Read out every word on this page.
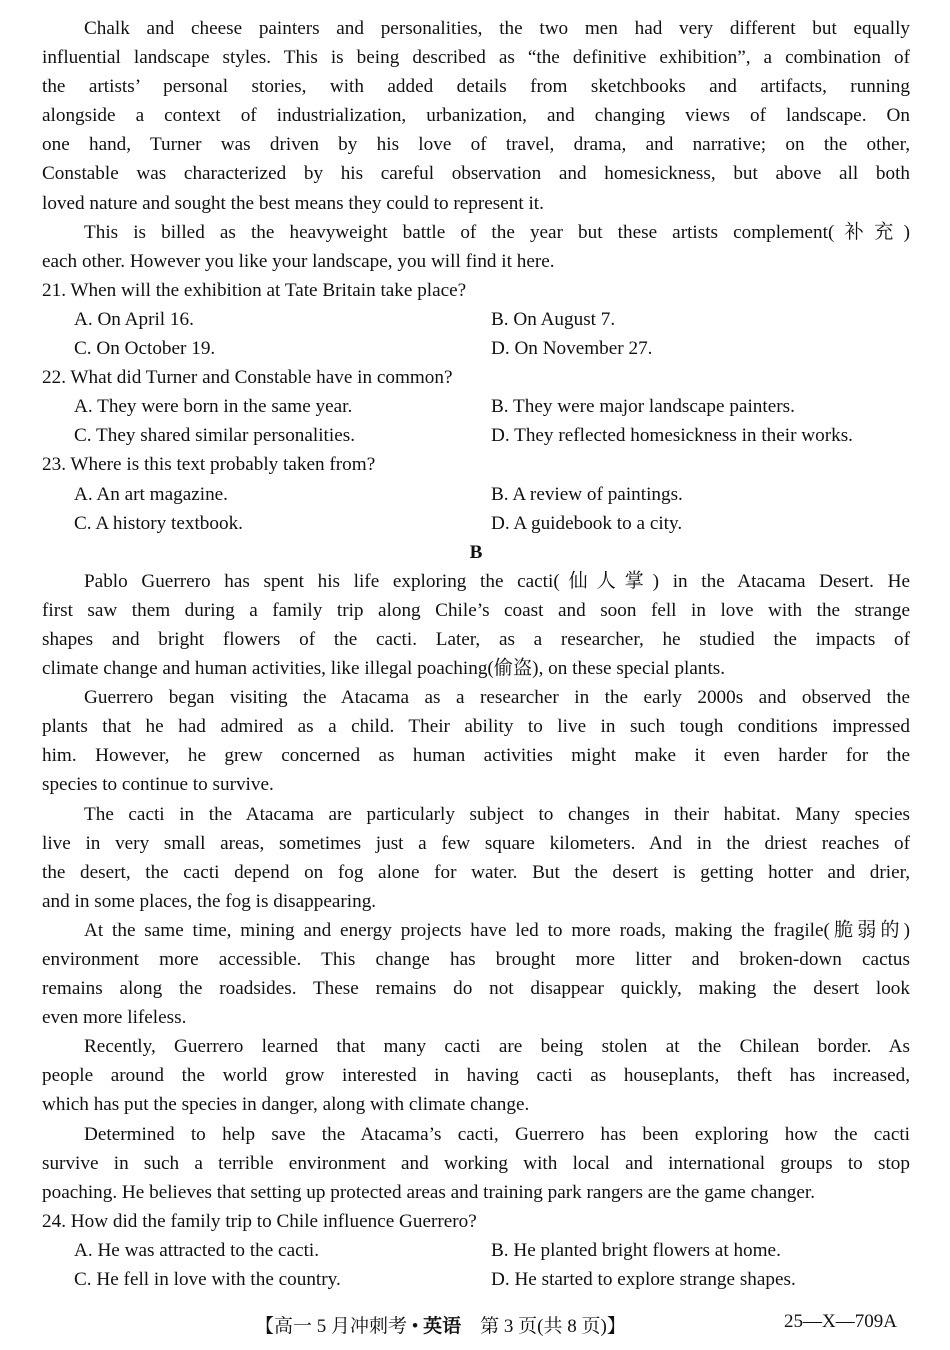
Chalk and cheese painters and personalities, the two men had very different but equally
influential landscape styles. This is being described as “the definitive exhibition”, a combination of
the artists’ personal stories, with added details from sketchbooks and artifacts, running
alongside a context of industrialization, urbanization, and changing views of landscape. On
one hand, Turner was driven by his love of travel, drama, and narrative; on the other,
Constable was characterized by his careful observation and homesickness, but above all both
loved nature and sought the best means they could to represent it.
This is billed as the heavyweight battle of the year but these artists complement(补充)
each other. However you like your landscape, you will find it here.
21. When will the exhibition at Tate Britain take place?
A. On April 16.	B. On August 7.
C. On October 19.	D. On November 27.
22. What did Turner and Constable have in common?
A. They were born in the same year.	B. They were major landscape painters.
C. They shared similar personalities.	D. They reflected homesickness in their works.
23. Where is this text probably taken from?
A. An art magazine.	B. A review of paintings.
C. A history textbook.	D. A guidebook to a city.
B
Pablo Guerrero has spent his life exploring the cacti(仙人掌) in the Atacama Desert. He
first saw them during a family trip along Chile’s coast and soon fell in love with the strange
shapes and bright flowers of the cacti. Later, as a researcher, he studied the impacts of
climate change and human activities, like illegal poaching(偷盗), on these special plants.
Guerrero began visiting the Atacama as a researcher in the early 2000s and observed the
plants that he had admired as a child. Their ability to live in such tough conditions impressed
him. However, he grew concerned as human activities might make it even harder for the
species to continue to survive.
The cacti in the Atacama are particularly subject to changes in their habitat. Many species
live in very small areas, sometimes just a few square kilometers. And in the driest reaches of
the desert, the cacti depend on fog alone for water. But the desert is getting hotter and drier,
and in some places, the fog is disappearing.
At the same time, mining and energy projects have led to more roads, making the fragile(脆弱的)
environment more accessible. This change has brought more litter and broken-down cactus
remains along the roadsides. These remains do not disappear quickly, making the desert look
even more lifeless.
Recently, Guerrero learned that many cacti are being stolen at the Chilean border. As
people around the world grow interested in having cacti as houseplants, theft has increased,
which has put the species in danger, along with climate change.
Determined to help save the Atacama’s cacti, Guerrero has been exploring how the cacti
survive in such a terrible environment and working with local and international groups to stop
poaching. He believes that setting up protected areas and training park rangers are the game changer.
24. How did the family trip to Chile influence Guerrero?
A. He was attracted to the cacti.	B. He planted bright flowers at home.
C. He fell in love with the country.	D. He started to explore strange shapes.
【高一 5 月冲刺考 • 英语　第 3 页(共 8 页)】	25—X—709A
